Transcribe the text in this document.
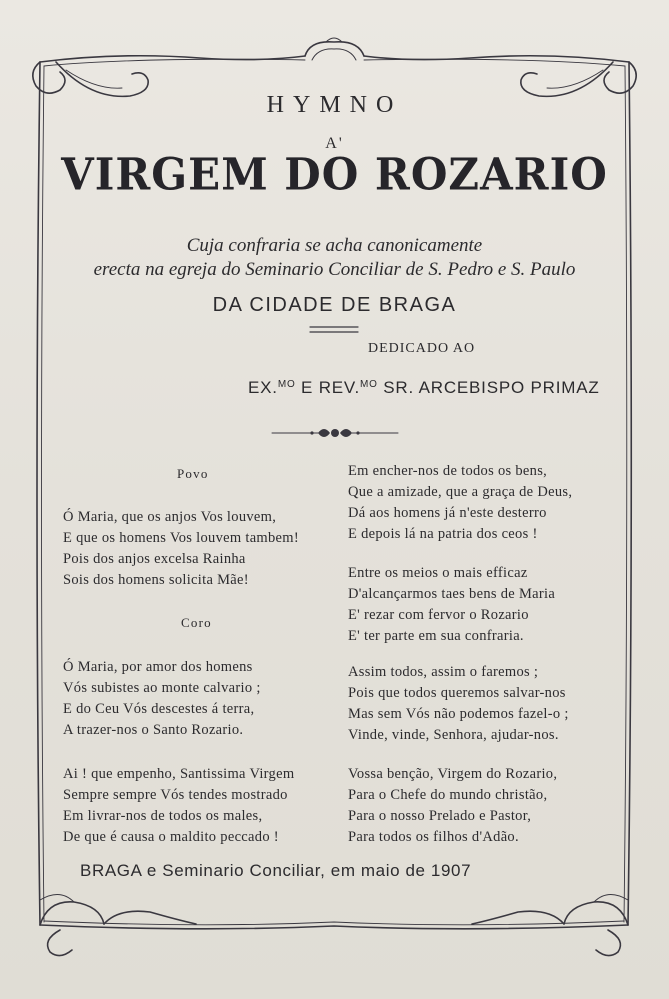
HYMNO
A'
VIRGEM DO ROZARIO
Cuja confraria se acha canonicamente
erecta na egreja do Seminario Conciliar de S. Pedro e S. Paulo
DA CIDADE DE BRAGA
DEDICADO AO
EX.$^{MO}$ E REV.$^{MO}$ SR. ARCEBISPO PRIMAZ
Povo
Ó Maria, que os anjos Vos louvem,
E que os homens Vos louvem tambem!
Pois dos anjos excelsa Rainha
Sois dos homens solicita Mãe!
Coro
Ó Maria, por amor dos homens
Vós subistes ao monte calvario ;
E do Ceu Vós descestes á terra,
A trazer-nos o Santo Rozario.
Ai ! que empenho, Santissima Virgem
Sempre sempre Vós tendes mostrado
Em livrar-nos de todos os males,
De que é causa o maldito peccado !
Em encher-nos de todos os bens,
Que a amizade, que a graça de Deus,
Dá aos homens já n'este desterro
E depois lá na patria dos ceos !
Entre os meios o mais efficaz
D'alcançarmos taes bens de Maria
E' rezar com fervor o Rozario
E' ter parte em sua confraria.
Assim todos, assim o faremos ;
Pois que todos queremos salvar-nos
Mas sem Vós não podemos fazel-o ;
Vinde, vinde, Senhora, ajudar-nos.
Vossa benção, Virgem do Rozario,
Para o Chefe do mundo christão,
Para o nosso Prelado e Pastor,
Para todos os filhos d'Adão.
BRAGA e Seminario Conciliar, em maio de 1907
